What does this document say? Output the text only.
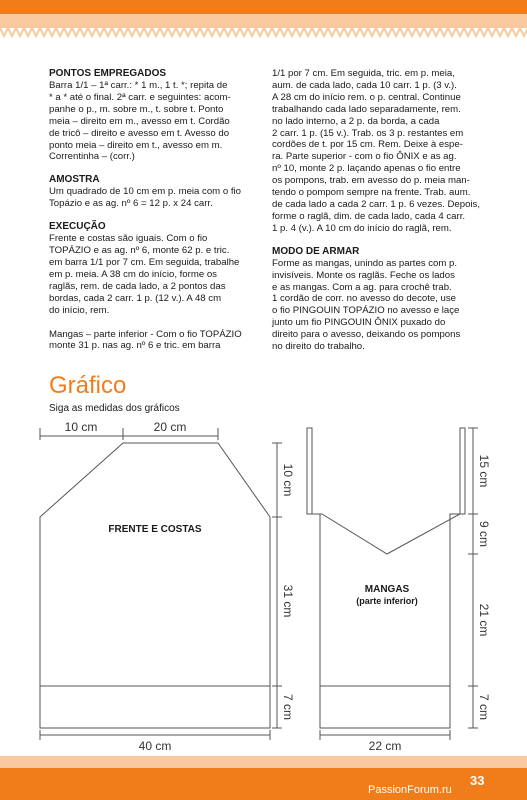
PONTOS EMPREGADOS

Barra 1/1 – 1ª carr.: * 1 m., 1 t. *; repita de
* a * até o final. 2ª carr. e seguintes: acom-
panhe o p., m. sobre m., t. sobre t. Ponto
meia – direito em m., avesso em t. Cordão
de tricô – direito e avesso em t. Avesso do
ponto meia – direito em t., avesso em m.
Correntinha – (corr.)

AMOSTRA

Um quadrado de 10 cm em p. meia com o fio
Topázio e as ag. nº 6 = 12 p. x 24 carr.

EXECUÇÃO

Frente e costas são iguais. Com o fio
TOPÁZIO e as ag. nº 6, monte 62 p. e tric.
em barra 1/1 por 7 cm. Em seguida, trabalhe
em p. meia. A 38 cm do início, forme os
raglãs, rem. de cada lado, a 2 pontos das
bordas, cada 2 carr. 1 p. (12 v.). A 48 cm
do início, rem.

Mangas – parte inferior - Com o fio TOPÁZIO
monte 31 p. nas ag. nº 6 e tric. em barra

1/1 por 7 cm. Em seguida, tric. em p. meia,
aum. de cada lado, cada 10 carr. 1 p. (3 v.).
A 28 cm do início rem. o p. central. Continue
trabalhando cada lado separadamente, rem.
no lado interno, a 2 p. da borda, a cada
2 carr. 1 p. (15 v.). Trab. os 3 p. restantes em
cordões de t. por 15 cm. Rem. Deixe à espe-
ra. Parte superior - com o fio ÔNIX e as ag.
nº 10, monte 2 p. laçando apenas o fio entre
os pompons, trab. em avesso do p. meia man-
tendo o pompom sempre na frente. Trab. aum.
de cada lado a cada 2 carr. 1 p. 6 vezes. Depois,
forme o raglã, dim. de cada lado, cada 4 carr.
1 p. 4 (v.). A 10 cm do início do raglã, rem.

MODO DE ARMAR

Forme as mangas, unindo as partes com p.
invisíveis. Monte os raglãs. Feche os lados
e as mangas. Com a ag. para crochê trab.
1 cordão de corr. no avesso do decote, use
o fio PINGOUIN TOPÁZIO no avesso e laçe
junto um fio PINGOUIN ÔNIX puxado do
direito para o avesso, deixando os pompons
no direito do trabalho.

Gráfico

Siga as medidas dos gráficos

10 cm	20 cm
10 cm
31 cm
7 cm
40 cm
15 cm
9 cm
21 cm
7 cm
22 cm
FRENTE E COSTAS
MANGAS
(parte inferior)
33
PassionForum.ru
